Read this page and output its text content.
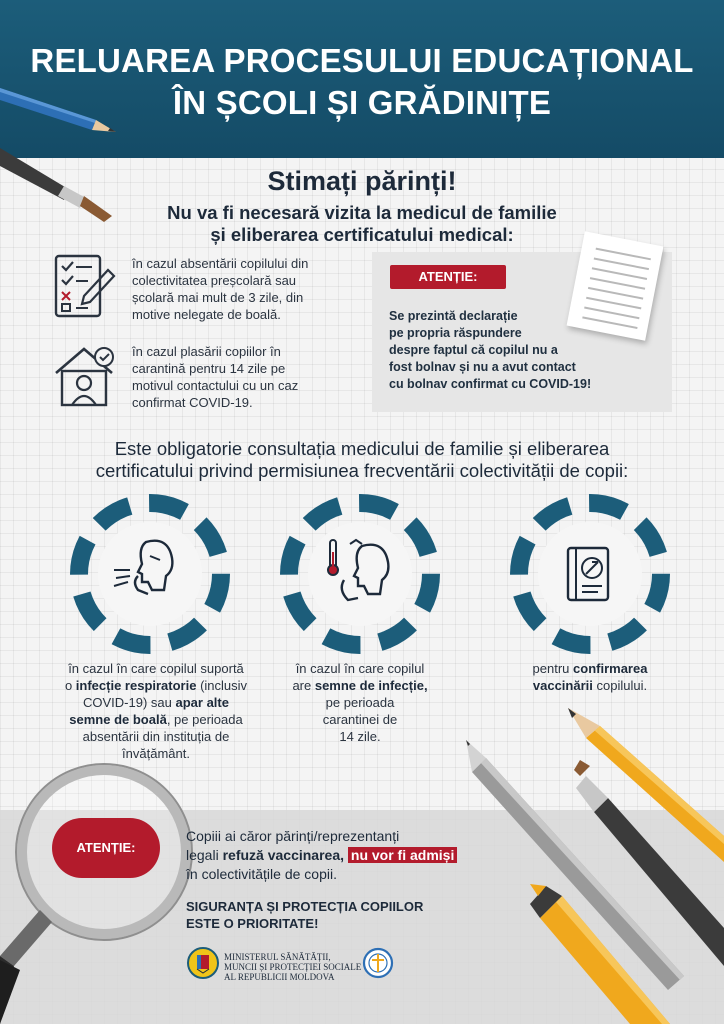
RELUAREA PROCESULUI EDUCAȚIONAL
ÎN ȘCOLI ȘI GRĂDINIȚE
Stimați părinți!
Nu va fi necesară vizita la medicul de familie
și eliberarea certificatului medical:
în cazul absentării copilului din
colectivitatea preșcolară sau
școlară mai mult de 3 zile, din
motive nelegate de boală.
în cazul plasării copiilor în
carantină pentru 14 zile pe
motivul contactului cu un caz
confirmat COVID-19.
ATENȚIE:
Se prezintă declarație
pe propria răspundere
despre faptul că copilul nu a
fost bolnav și nu a avut contact
cu bolnav confirmat cu COVID-19!
Este obligatorie consultația medicului de familie și eliberarea
certificatului privind permisiunea frecventării colectivității de copii:
în cazul în care copilul suportă
o infecție respiratorie (inclusiv
COVID-19) sau apar alte
semne de boală, pe perioada
absentării din instituția de
învățământ.
în cazul în care copilul
are semne de infecție,
pe perioada
carantinei de
14 zile.
pentru confirmarea
vaccinării copilului.
ATENȚIE:
Copiii ai căror părinți/reprezentanți
legali refuză vaccinarea, nu vor fi admiși
în colectivitățile de copii.
SIGURANȚA ȘI PROTECȚIA COPIILOR
ESTE O PRIORITATE!
MINISTERUL SĂNĂTĂȚII,
MUNCII ȘI PROTECȚIEI SOCIALE
AL REPUBLICII MOLDOVA
